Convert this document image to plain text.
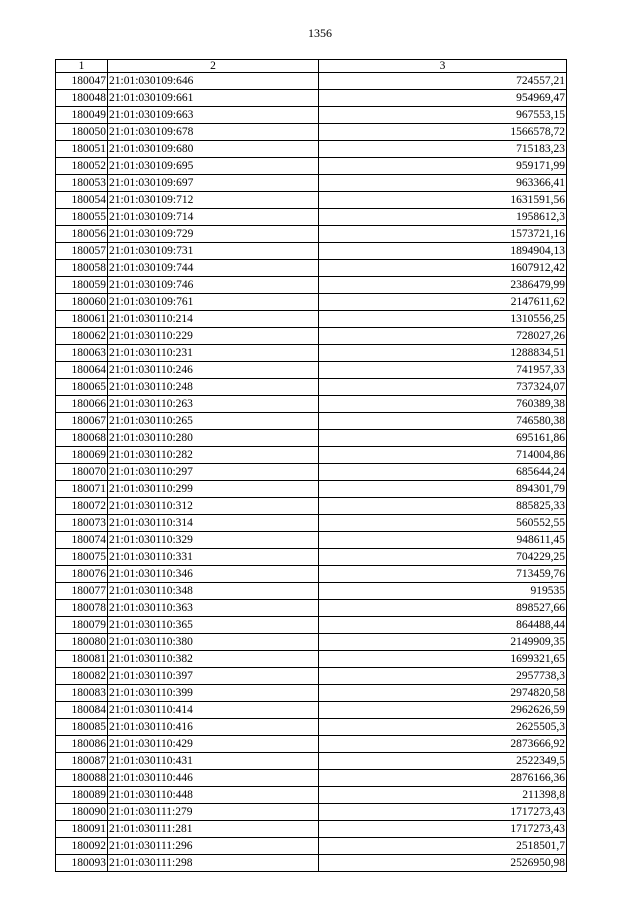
1356
1	2	3
180047	21:01:030109:646	724557,21
180048	21:01:030109:661	954969,47
180049	21:01:030109:663	967553,15
180050	21:01:030109:678	1566578,72
180051	21:01:030109:680	715183,23
180052	21:01:030109:695	959171,99
180053	21:01:030109:697	963366,41
180054	21:01:030109:712	1631591,56
180055	21:01:030109:714	1958612,3
180056	21:01:030109:729	1573721,16
180057	21:01:030109:731	1894904,13
180058	21:01:030109:744	1607912,42
180059	21:01:030109:746	2386479,99
180060	21:01:030109:761	2147611,62
180061	21:01:030110:214	1310556,25
180062	21:01:030110:229	728027,26
180063	21:01:030110:231	1288834,51
180064	21:01:030110:246	741957,33
180065	21:01:030110:248	737324,07
180066	21:01:030110:263	760389,38
180067	21:01:030110:265	746580,38
180068	21:01:030110:280	695161,86
180069	21:01:030110:282	714004,86
180070	21:01:030110:297	685644,24
180071	21:01:030110:299	894301,79
180072	21:01:030110:312	885825,33
180073	21:01:030110:314	560552,55
180074	21:01:030110:329	948611,45
180075	21:01:030110:331	704229,25
180076	21:01:030110:346	713459,76
180077	21:01:030110:348	919535
180078	21:01:030110:363	898527,66
180079	21:01:030110:365	864488,44
180080	21:01:030110:380	2149909,35
180081	21:01:030110:382	1699321,65
180082	21:01:030110:397	2957738,3
180083	21:01:030110:399	2974820,58
180084	21:01:030110:414	2962626,59
180085	21:01:030110:416	2625505,3
180086	21:01:030110:429	2873666,92
180087	21:01:030110:431	2522349,5
180088	21:01:030110:446	2876166,36
180089	21:01:030110:448	211398,8
180090	21:01:030111:279	1717273,43
180091	21:01:030111:281	1717273,43
180092	21:01:030111:296	2518501,7
180093	21:01:030111:298	2526950,98
